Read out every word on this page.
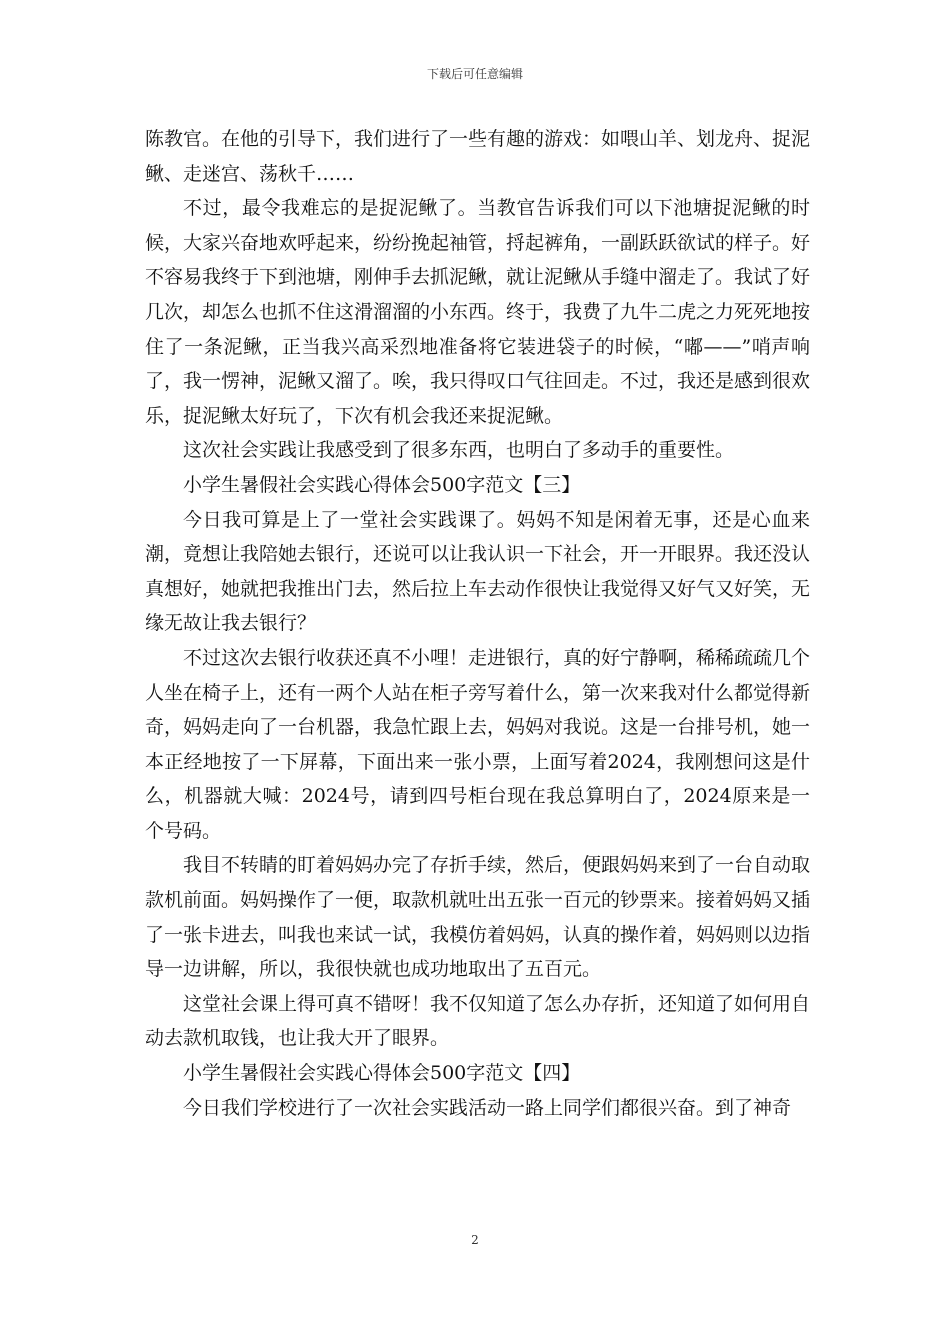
下载后可任意编辑

陈教官。在他的引导下，我们进行了一些有趣的游戏：如喂山羊、划龙舟、捉泥鳅、走迷宫、荡秋千……

不过，最令我难忘的是捉泥鳅了。当教官告诉我们可以下池塘捉泥鳅的时候，大家兴奋地欢呼起来，纷纷挽起袖管，捋起裤角，一副跃跃欲试的样子。好不容易我终于下到池塘，刚伸手去抓泥鳅，就让泥鳅从手缝中溜走了。我试了好几次，却怎么也抓不住这滑溜溜的小东西。终于，我费了九牛二虎之力死死地按住了一条泥鳅，正当我兴高采烈地准备将它装进袋子的时候，“嘟——”哨声响了，我一愣神，泥鳅又溜了。唉，我只得叹口气往回走。不过，我还是感到很欢乐，捉泥鳅太好玩了，下次有机会我还来捉泥鳅。

这次社会实践让我感受到了很多东西，也明白了多动手的重要性。

小学生暑假社会实践心得体会500字范文【三】

今日我可算是上了一堂社会实践课了。妈妈不知是闲着无事，还是心血来潮，竟想让我陪她去银行，还说可以让我认识一下社会，开一开眼界。我还没认真想好，她就把我推出门去，然后拉上车去动作很快让我觉得又好气又好笑，无缘无故让我去银行？

不过这次去银行收获还真不小哩！走进银行，真的好宁静啊，稀稀疏疏几个人坐在椅子上，还有一两个人站在柜子旁写着什么，第一次来我对什么都觉得新奇，妈妈走向了一台机器，我急忙跟上去，妈妈对我说。这是一台排号机，她一本正经地按了一下屏幕，下面出来一张小票，上面写着2024，我刚想问这是什么，机器就大喊：2024号，请到四号柜台现在我总算明白了，2024原来是一个号码。

我目不转睛的盯着妈妈办完了存折手续，然后，便跟妈妈来到了一台自动取款机前面。妈妈操作了一便，取款机就吐出五张一百元的钞票来。接着妈妈又插了一张卡进去，叫我也来试一试，我模仿着妈妈，认真的操作着，妈妈则以边指导一边讲解，所以，我很快就也成功地取出了五百元。

这堂社会课上得可真不错呀！我不仅知道了怎么办存折，还知道了如何用自动去款机取钱，也让我大开了眼界。

小学生暑假社会实践心得体会500字范文【四】

今日我们学校进行了一次社会实践活动一路上同学们都很兴奋。到了神奇

2
